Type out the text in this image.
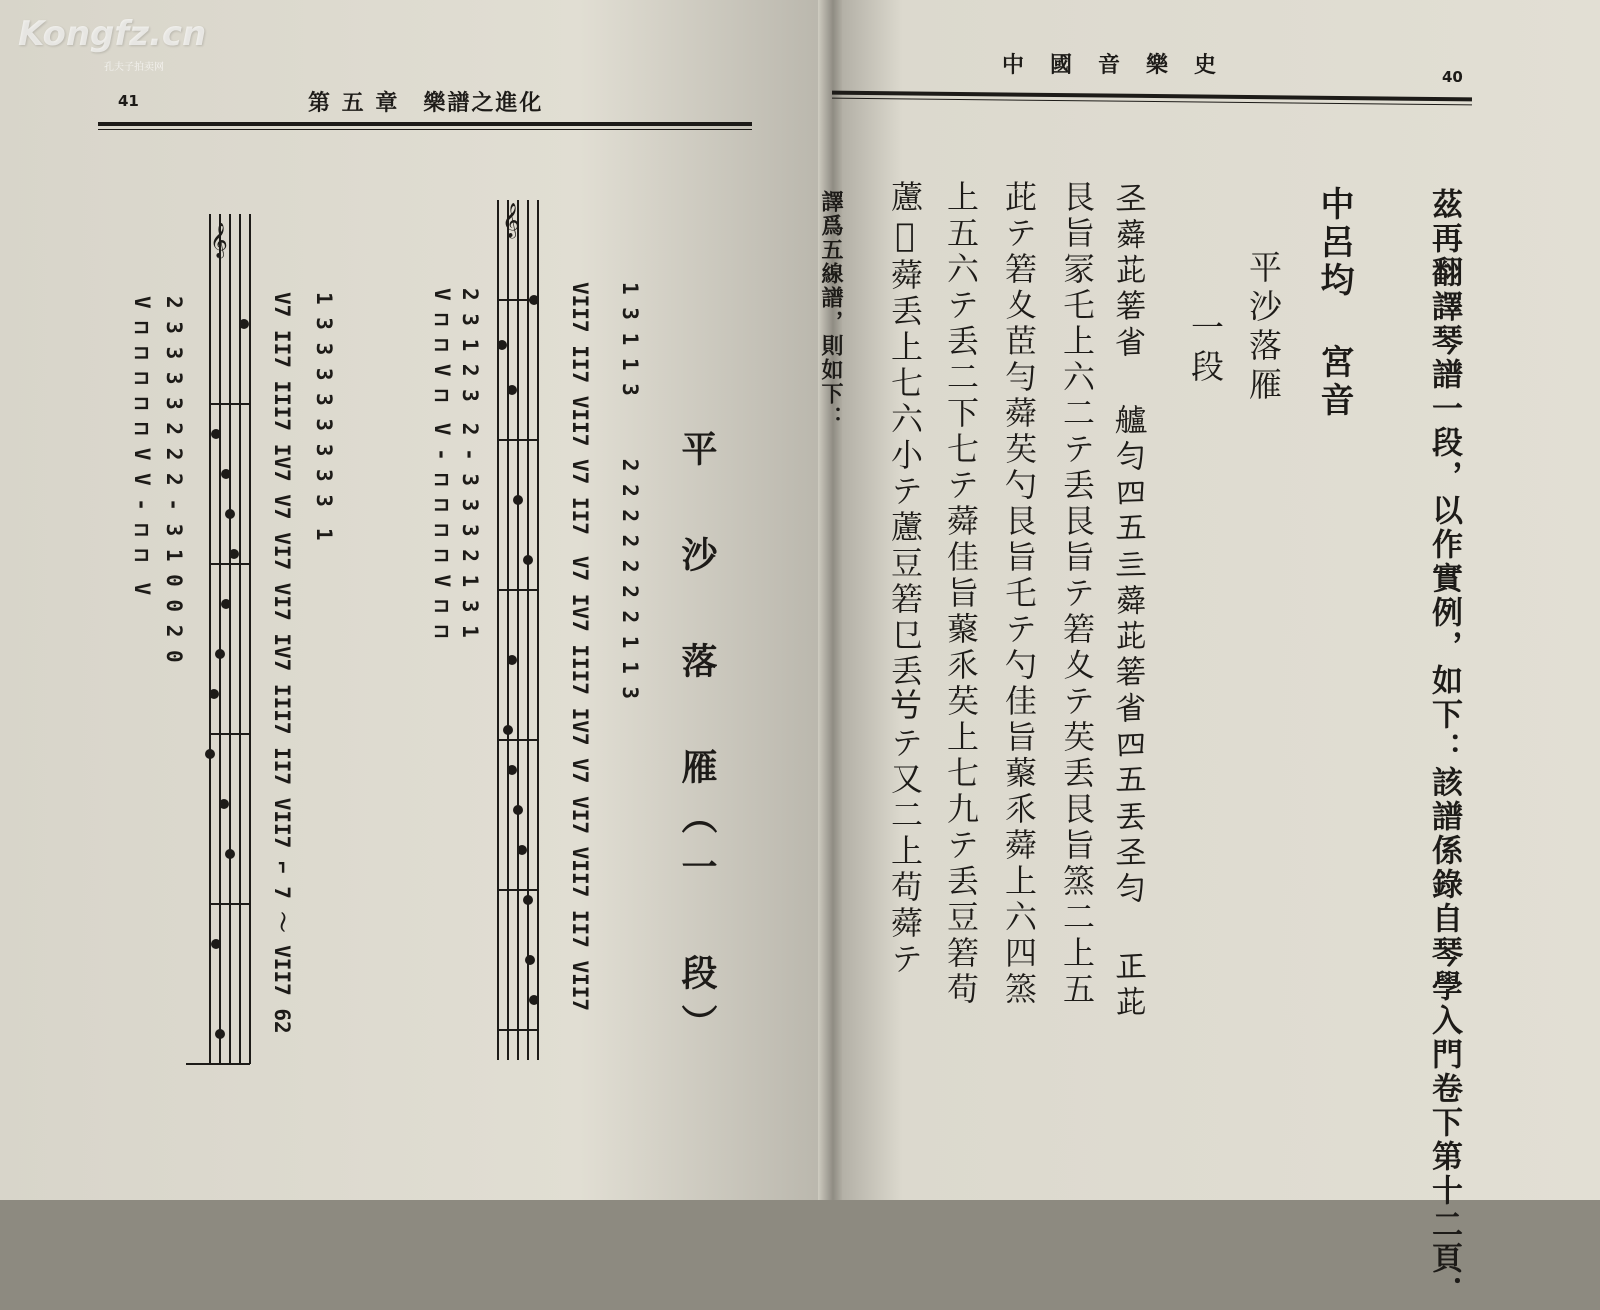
Kongfz.cn
孔夫子拍卖网
41	第 五 章　樂譜之進化
平 沙 落 雁（一 段）
𝄞
𝄞
1 3 1 1 3　　　2 2 2 2 2 2 2 1 1 3
VII7 II7 VII7 V7 II7　V7 IV7 III7 IV7 V7 VI7 VII7 II7 VII7
2 3 1 2 3　2 - 3 3 3 2 1 3 1
V ⊓ ⊓ V ⊓　V - ⊓ ⊓ ⊓ ⊓ V ⊓ ⊓
1 3 3 3 3 3 3 3 3　1
V7 II7 III7 IV7 V7 VI7 VI7 IV7 III7 II7 VII7 ⌐ 7 〜 VII7 62
2 3 3 3 3 2 2 2 - 3 1 0 0 2 0
V ⊓ ⊓ ⊓ ⊓ ⊓ V V - ⊓ ⊓　V
40
中　國　音　樂　史
茲再翻譯琴譜一段，以作實例，如下：該譜係錄自琴學入門卷下第十二頁．
中呂均 宮音
平沙落雁
一段
𢀖蕣茈箬省 艫勻四五亖蕣茈箬省四五丢𢀖勻 正茈
艮旨冡乇上六二テ丢艮旨テ箬夊テ䒨丢艮旨篜二上五
茈テ箬夊茞勻蕣䒨勺艮旨乇テ勺佳旨藂乑蕣上六四篜
上五六テ丢二下七テ蕣佳旨藂乑䒨上七九テ丢豆箬苟
藘𤄬蕣丢上七六小テ藘豆箬㔾丢𠔃テ又二上苟蕣テ
譯爲五線譜，則如下：
